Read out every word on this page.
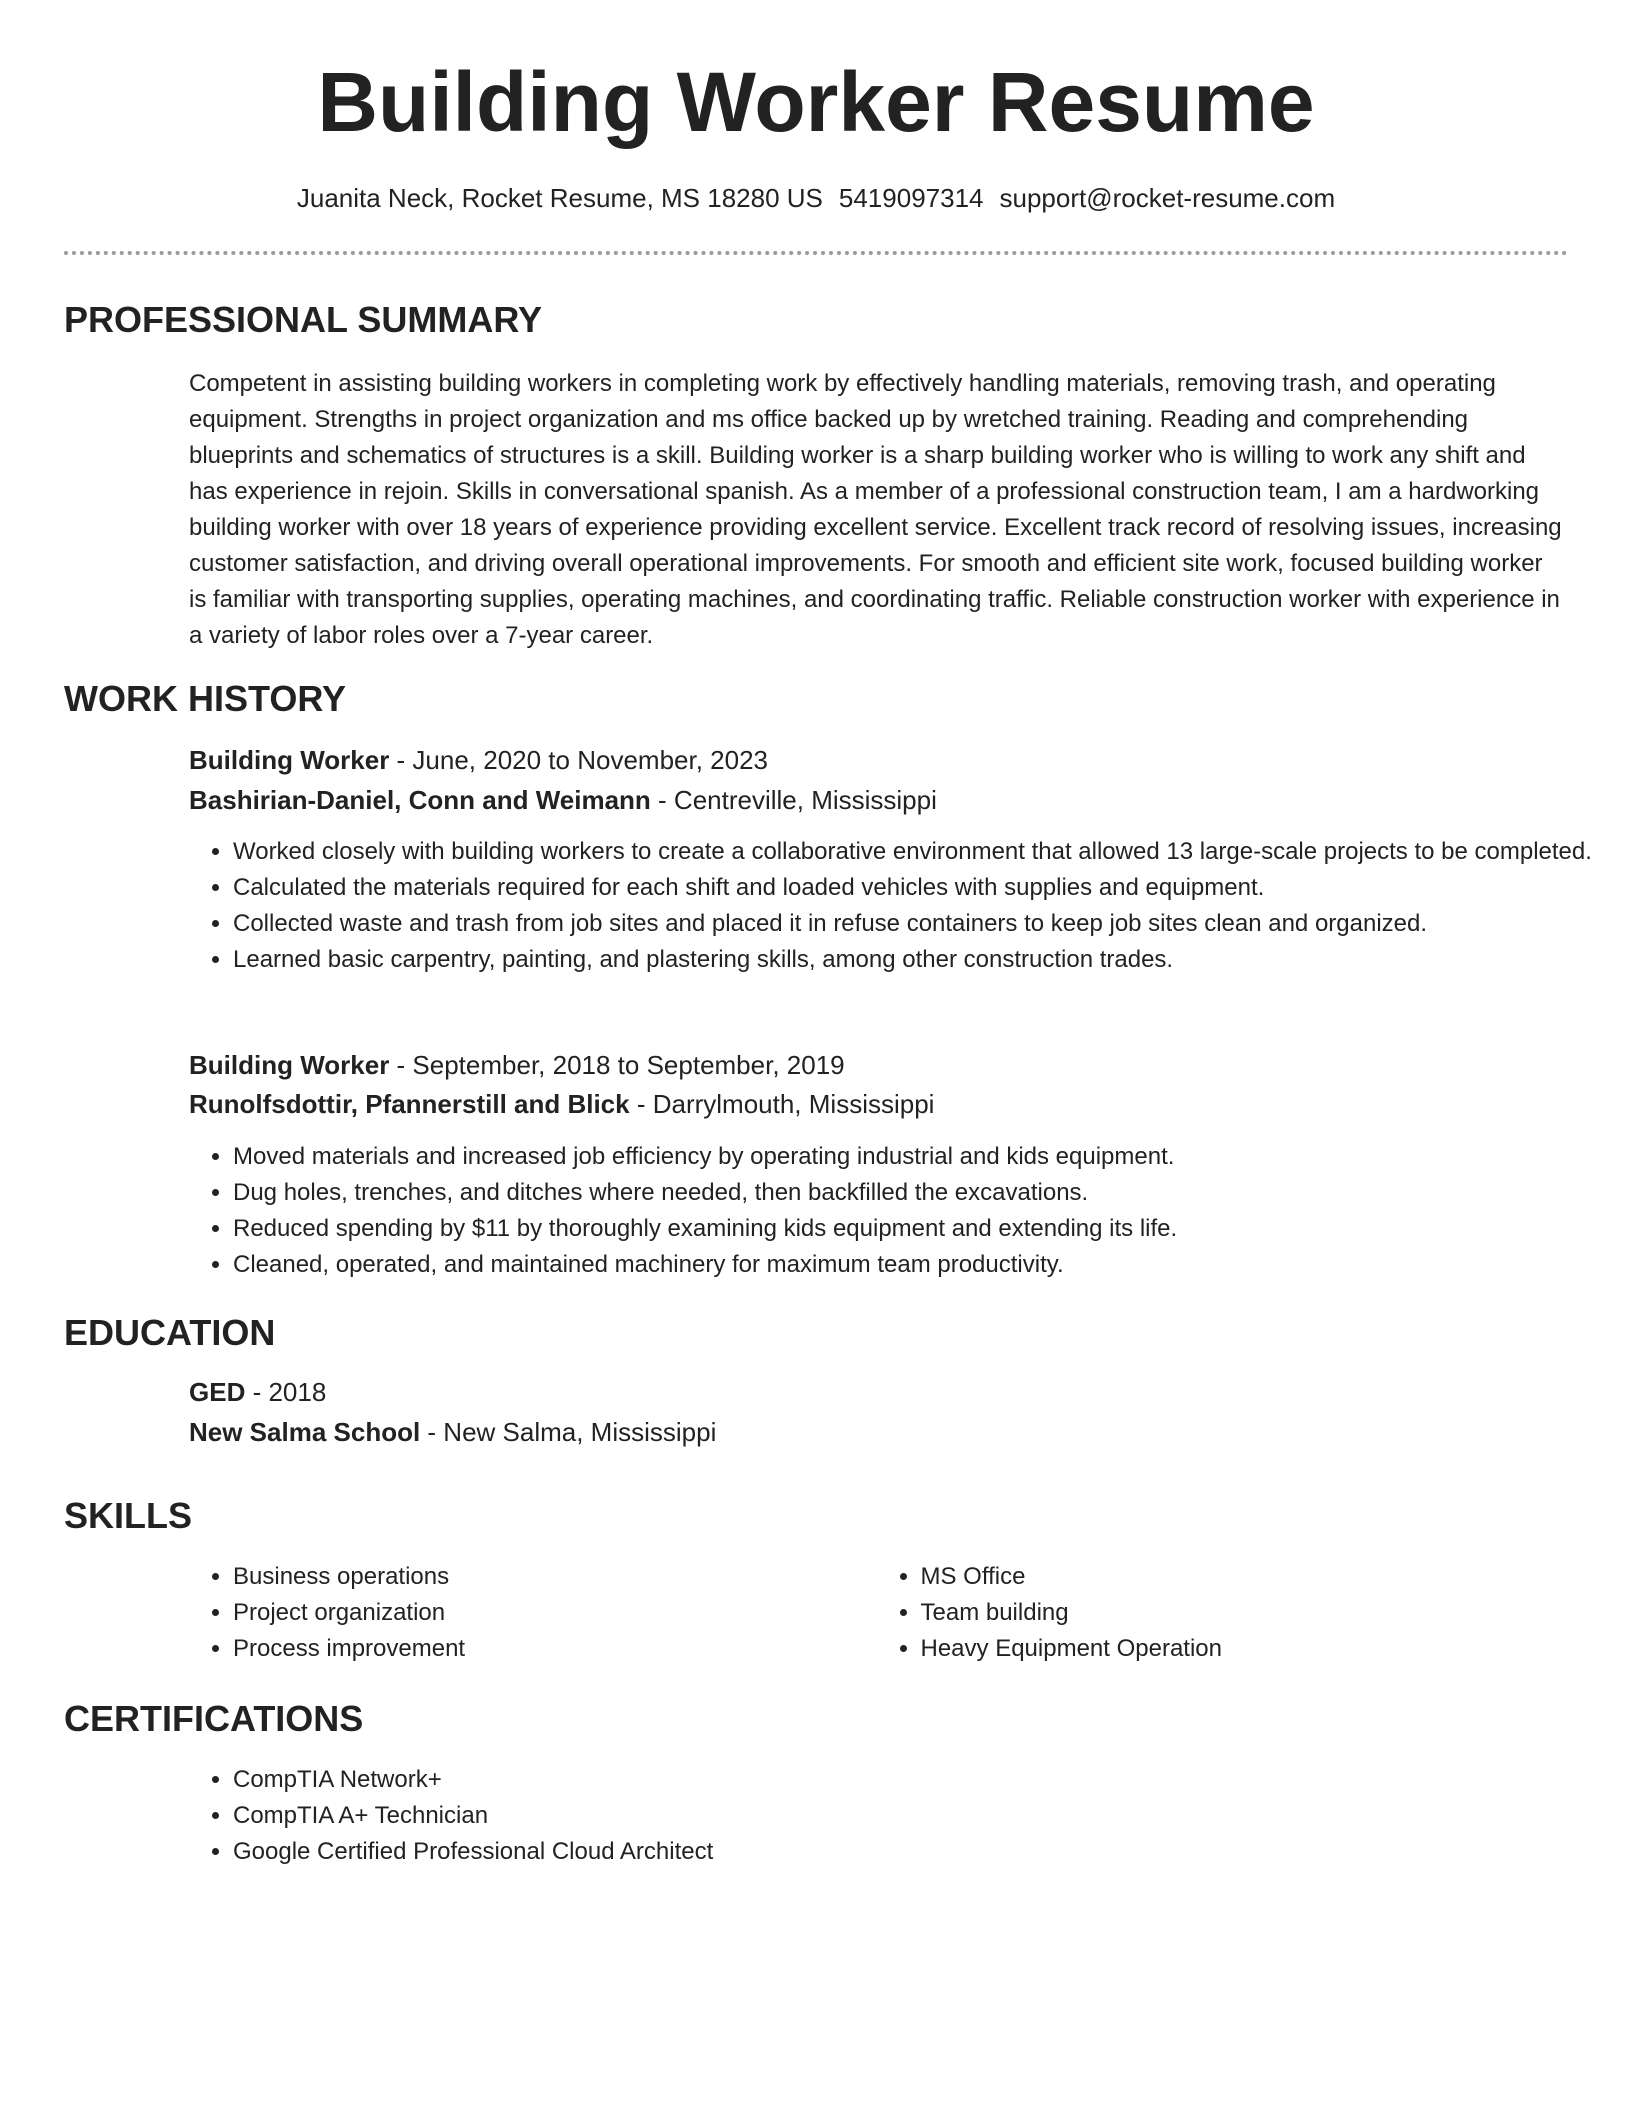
Building Worker Resume
Juanita Neck, Rocket Resume, MS 18280 US 5419097314 support@rocket-resume.com
PROFESSIONAL SUMMARY

Competent in assisting building workers in completing work by effectively handling materials, removing trash, and operating equipment. Strengths in project organization and ms office backed up by wretched training. Reading and comprehending blueprints and schematics of structures is a skill. Building worker is a sharp building worker who is willing to work any shift and has experience in rejoin. Skills in conversational spanish. As a member of a professional construction team, I am a hardworking building worker with over 18 years of experience providing excellent service. Excellent track record of resolving issues, increasing customer satisfaction, and driving overall operational improvements. For smooth and efficient site work, focused building worker is familiar with transporting supplies, operating machines, and coordinating traffic. Reliable construction worker with experience in a variety of labor roles over a 7-year career.

WORK HISTORY
Building Worker - June, 2020 to November, 2023
Bashirian-Daniel, Conn and Weimann - Centreville, Mississippi
• Worked closely with building workers to create a collaborative environment that allowed 13 large-scale projects to be completed.
• Calculated the materials required for each shift and loaded vehicles with supplies and equipment.
• Collected waste and trash from job sites and placed it in refuse containers to keep job sites clean and organized.
• Learned basic carpentry, painting, and plastering skills, among other construction trades.
Building Worker - September, 2018 to September, 2019
Runolfsdottir, Pfannerstill and Blick - Darrylmouth, Mississippi
• Moved materials and increased job efficiency by operating industrial and kids equipment.
• Dug holes, trenches, and ditches where needed, then backfilled the excavations.
• Reduced spending by $11 by thoroughly examining kids equipment and extending its life.
• Cleaned, operated, and maintained machinery for maximum team productivity.
EDUCATION
GED - 2018
New Salma School - New Salma, Mississippi
SKILLS
• Business operations
• Project organization
• Process improvement
• MS Office
• Team building
• Heavy Equipment Operation
CERTIFICATIONS
• CompTIA Network+
• CompTIA A+ Technician
• Google Certified Professional Cloud Architect
